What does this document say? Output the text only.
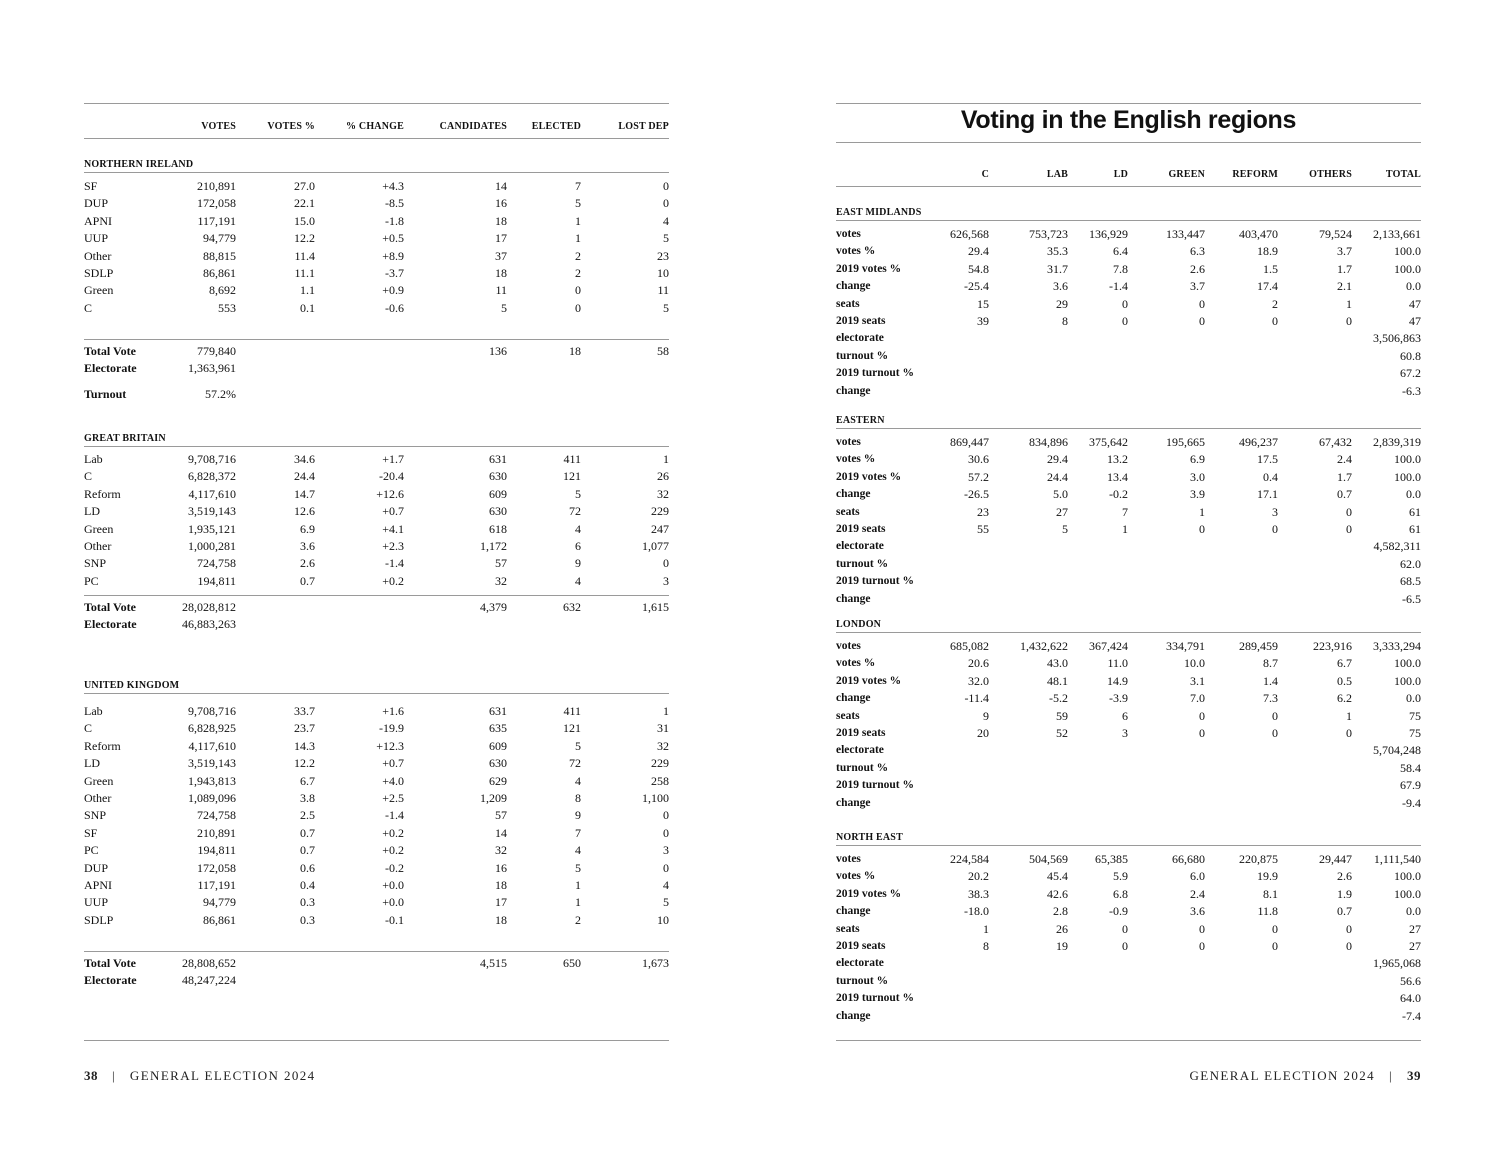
	VOTES	VOTES %	% CHANGE	CANDIDATES	ELECTED	LOST DEP
NORTHERN IRELAND
SF	210,891	27.0	+4.3	14	7	0
DUP	172,058	22.1	-8.5	16	5	0
APNI	117,191	15.0	-1.8	18	1	4
UUP	94,779	12.2	+0.5	17	1	5
Other	88,815	11.4	+8.9	37	2	23
SDLP	86,861	11.1	-3.7	18	2	10
Green	8,692	1.1	+0.9	11	0	11
C	553	0.1	-0.6	5	0	5
Total Vote	779,840			136	18	58
Electorate	1,363,961					
Turnout	57.2%
GREAT BRITAIN
Lab	9,708,716	34.6	+1.7	631	411	1
C	6,828,372	24.4	-20.4	630	121	26
Reform	4,117,610	14.7	+12.6	609	5	32
LD	3,519,143	12.6	+0.7	630	72	229
Green	1,935,121	6.9	+4.1	618	4	247
Other	1,000,281	3.6	+2.3	1,172	6	1,077
SNP	724,758	2.6	-1.4	57	9	0
PC	194,811	0.7	+0.2	32	4	3
Total Vote	28,028,812			4,379	632	1,615
Electorate	46,883,263					
UNITED KINGDOM
Lab	9,708,716	33.7	+1.6	631	411	1
C	6,828,925	23.7	-19.9	635	121	31
Reform	4,117,610	14.3	+12.3	609	5	32
LD	3,519,143	12.2	+0.7	630	72	229
Green	1,943,813	6.7	+4.0	629	4	258
Other	1,089,096	3.8	+2.5	1,209	8	1,100
SNP	724,758	2.5	-1.4	57	9	0
SF	210,891	0.7	+0.2	14	7	0
PC	194,811	0.7	+0.2	32	4	3
DUP	172,058	0.6	-0.2	16	5	0
APNI	117,191	0.4	+0.0	18	1	4
UUP	94,779	0.3	+0.0	17	1	5
SDLP	86,861	0.3	-0.1	18	2	10
Total Vote	28,808,652			4,515	650	1,673
Electorate	48,247,224					
38 | GENERAL ELECTION 2024
Voting in the English regions
	C	LAB	LD	GREEN	REFORM	OTHERS	TOTAL
EAST MIDLANDS
votes	626,568	753,723	136,929	133,447	403,470	79,524	2,133,661
votes %	29.4	35.3	6.4	6.3	18.9	3.7	100.0
2019 votes %	54.8	31.7	7.8	2.6	1.5	1.7	100.0
change	-25.4	3.6	-1.4	3.7	17.4	2.1	0.0
seats	15	29	0	0	2	1	47
2019 seats	39	8	0	0	0	0	47
electorate							3,506,863
turnout %							60.8
2019 turnout %							67.2
change							-6.3
EASTERN
votes	869,447	834,896	375,642	195,665	496,237	67,432	2,839,319
votes %	30.6	29.4	13.2	6.9	17.5	2.4	100.0
2019 votes %	57.2	24.4	13.4	3.0	0.4	1.7	100.0
change	-26.5	5.0	-0.2	3.9	17.1	0.7	0.0
seats	23	27	7	1	3	0	61
2019 seats	55	5	1	0	0	0	61
electorate							4,582,311
turnout %							62.0
2019 turnout %							68.5
change							-6.5
LONDON
votes	685,082	1,432,622	367,424	334,791	289,459	223,916	3,333,294
votes %	20.6	43.0	11.0	10.0	8.7	6.7	100.0
2019 votes %	32.0	48.1	14.9	3.1	1.4	0.5	100.0
change	-11.4	-5.2	-3.9	7.0	7.3	6.2	0.0
seats	9	59	6	0	0	1	75
2019 seats	20	52	3	0	0	0	75
electorate							5,704,248
turnout %							58.4
2019 turnout %							67.9
change							-9.4
NORTH EAST
votes	224,584	504,569	65,385	66,680	220,875	29,447	1,111,540
votes %	20.2	45.4	5.9	6.0	19.9	2.6	100.0
2019 votes %	38.3	42.6	6.8	2.4	8.1	1.9	100.0
change	-18.0	2.8	-0.9	3.6	11.8	0.7	0.0
seats	1	26	0	0	0	0	27
2019 seats	8	19	0	0	0	0	27
electorate							1,965,068
turnout %							56.6
2019 turnout %							64.0
change							-7.4
GENERAL ELECTION 2024 | 39
